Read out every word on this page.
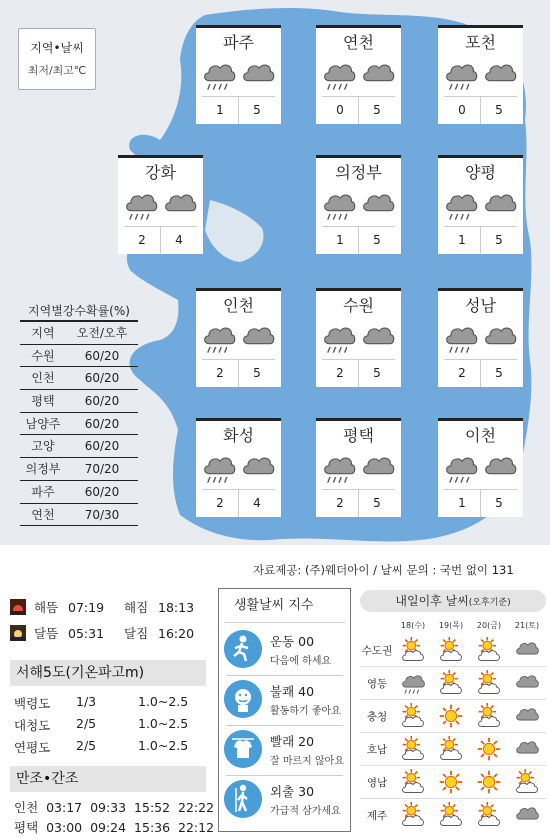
지역•날씨
최저/최고℃
파주
1	5
연천
0	5
포천
0	5
강화
2	4
의정부
1	5
양평
1	5
인천
2	5
수원
2	5
성남
2	5
화성
2	4
평택
2	5
이천
1	5
지역별강수확률(%)
지역	오전/오후
수원	60/20
인천	60/20
평택	60/20
남양주	60/20
고양	60/20
의정부	70/20
파주	60/20
연천	70/30
자료제공: (주)웨더아이 / 날씨 문의 : 국번 없이 131
해뜸 07:19	해짐 18:13
달뜸 05:31	달짐 16:20
서해5도(기온파고m)
백령도 1/3	1.0~2.5
대청도 2/5	1.0~2.5
연평도 2/5	1.0~2.5
만조•간조
인천  03:17  09:33  15:52  22:22
평택  03:00  09:24  15:36  22:12
생활날씨 지수
운동 00
다음에 하세요
불쾌 40
활동하기 좋아요
빨래 20
잘 마르지 않아요
외출 30
가급적 삼가세요
내일이후 날씨(오후기준)
18(수)	19(목)	20(금)	21(토)
수도권
영동
충청
호남
영남
제주
